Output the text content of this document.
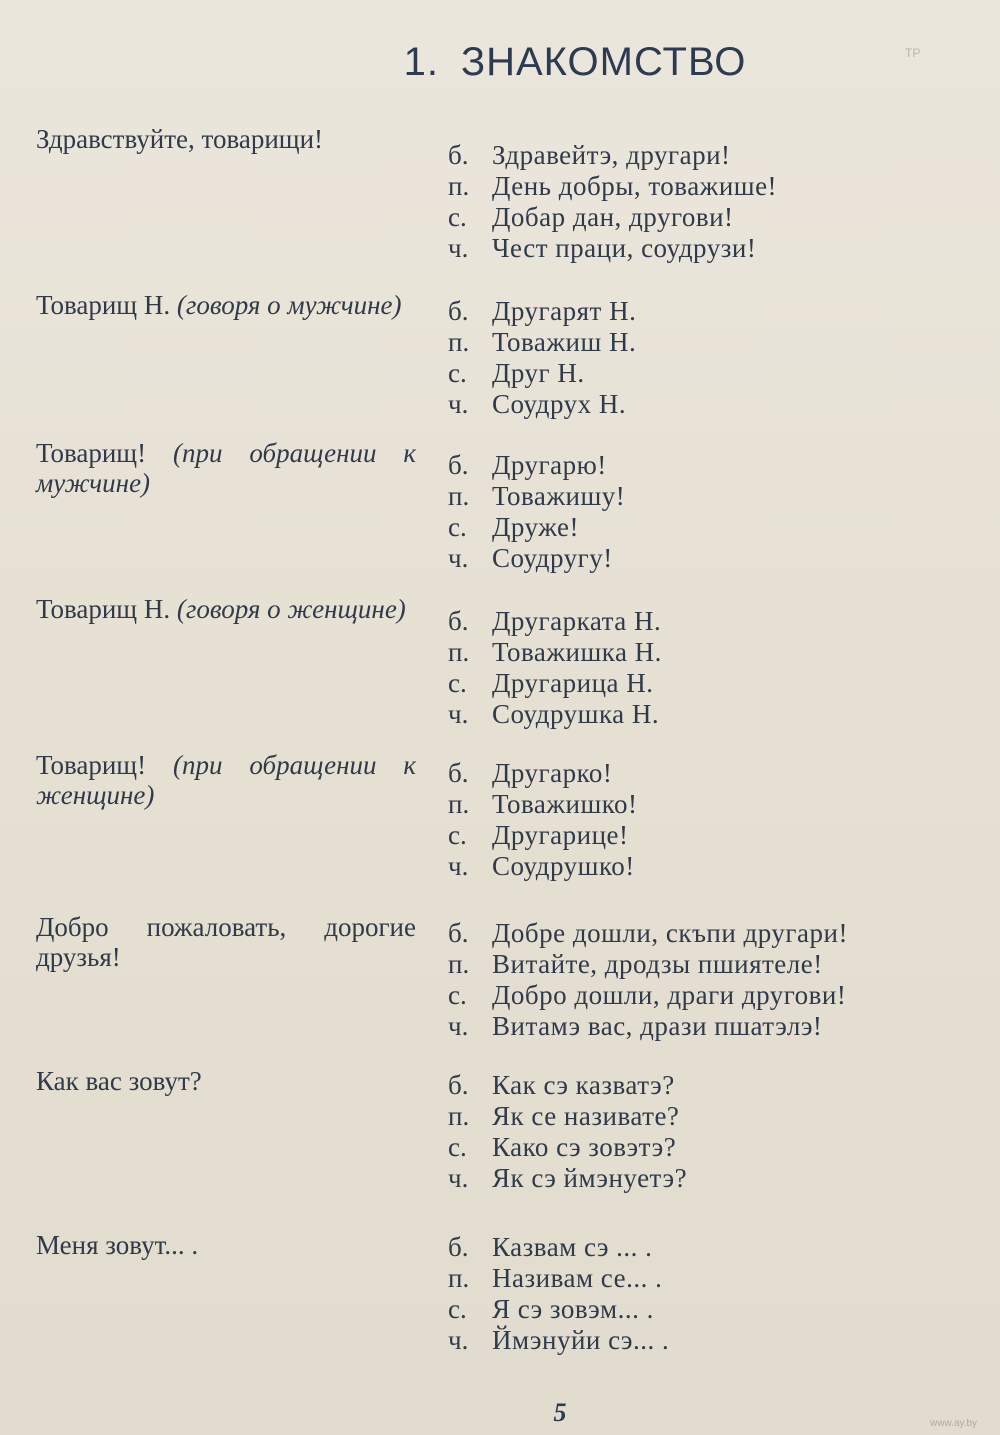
ТР
1. ЗНАКОМСТВО
Здравствуйте, товарищи!
б. Здравейтэ, другари!
п. День добры, товажише!
с. Добар дан, другови!
ч. Чест праци, соудрузи!
Товарищ Н. (говоря о мужчине)	б. Другарят Н.
п. Товажиш Н.
с. Друг Н.
ч. Соудрух Н.
Товарищ! (при обращении к мужчине)
б. Другарю!
п. Товажишу!
с. Друже!
ч. Соудругу!
Товарищ Н. (говоря о женщине)	б. Другарката Н.
п. Товажишка Н.
с. Другарица Н.
ч. Соудрушка Н.
Товарищ! (при обращении к женщине)
б. Другарко!
п. Товажишко!
с. Другарице!
ч. Соудрушко!
Добро пожаловать, дорогие друзья!
б. Добре дошли, скъпи другари!
п. Витайте, дродзы пшиятеле!
с. Добро дошли, драги другови!
ч. Витамэ вас, дрази пшатэлэ!
Как вас зовут?	б. Как сэ казватэ?
п. Як се називате?
с. Како сэ зовэтэ?
ч. Як сэ ймэнуетэ?
Меня зовут... .	б. Казвам сэ ... .
п. Називам се... .
с. Я сэ зовэм... .
ч. Ймэнуйи сэ... .
5	www.ay.by
